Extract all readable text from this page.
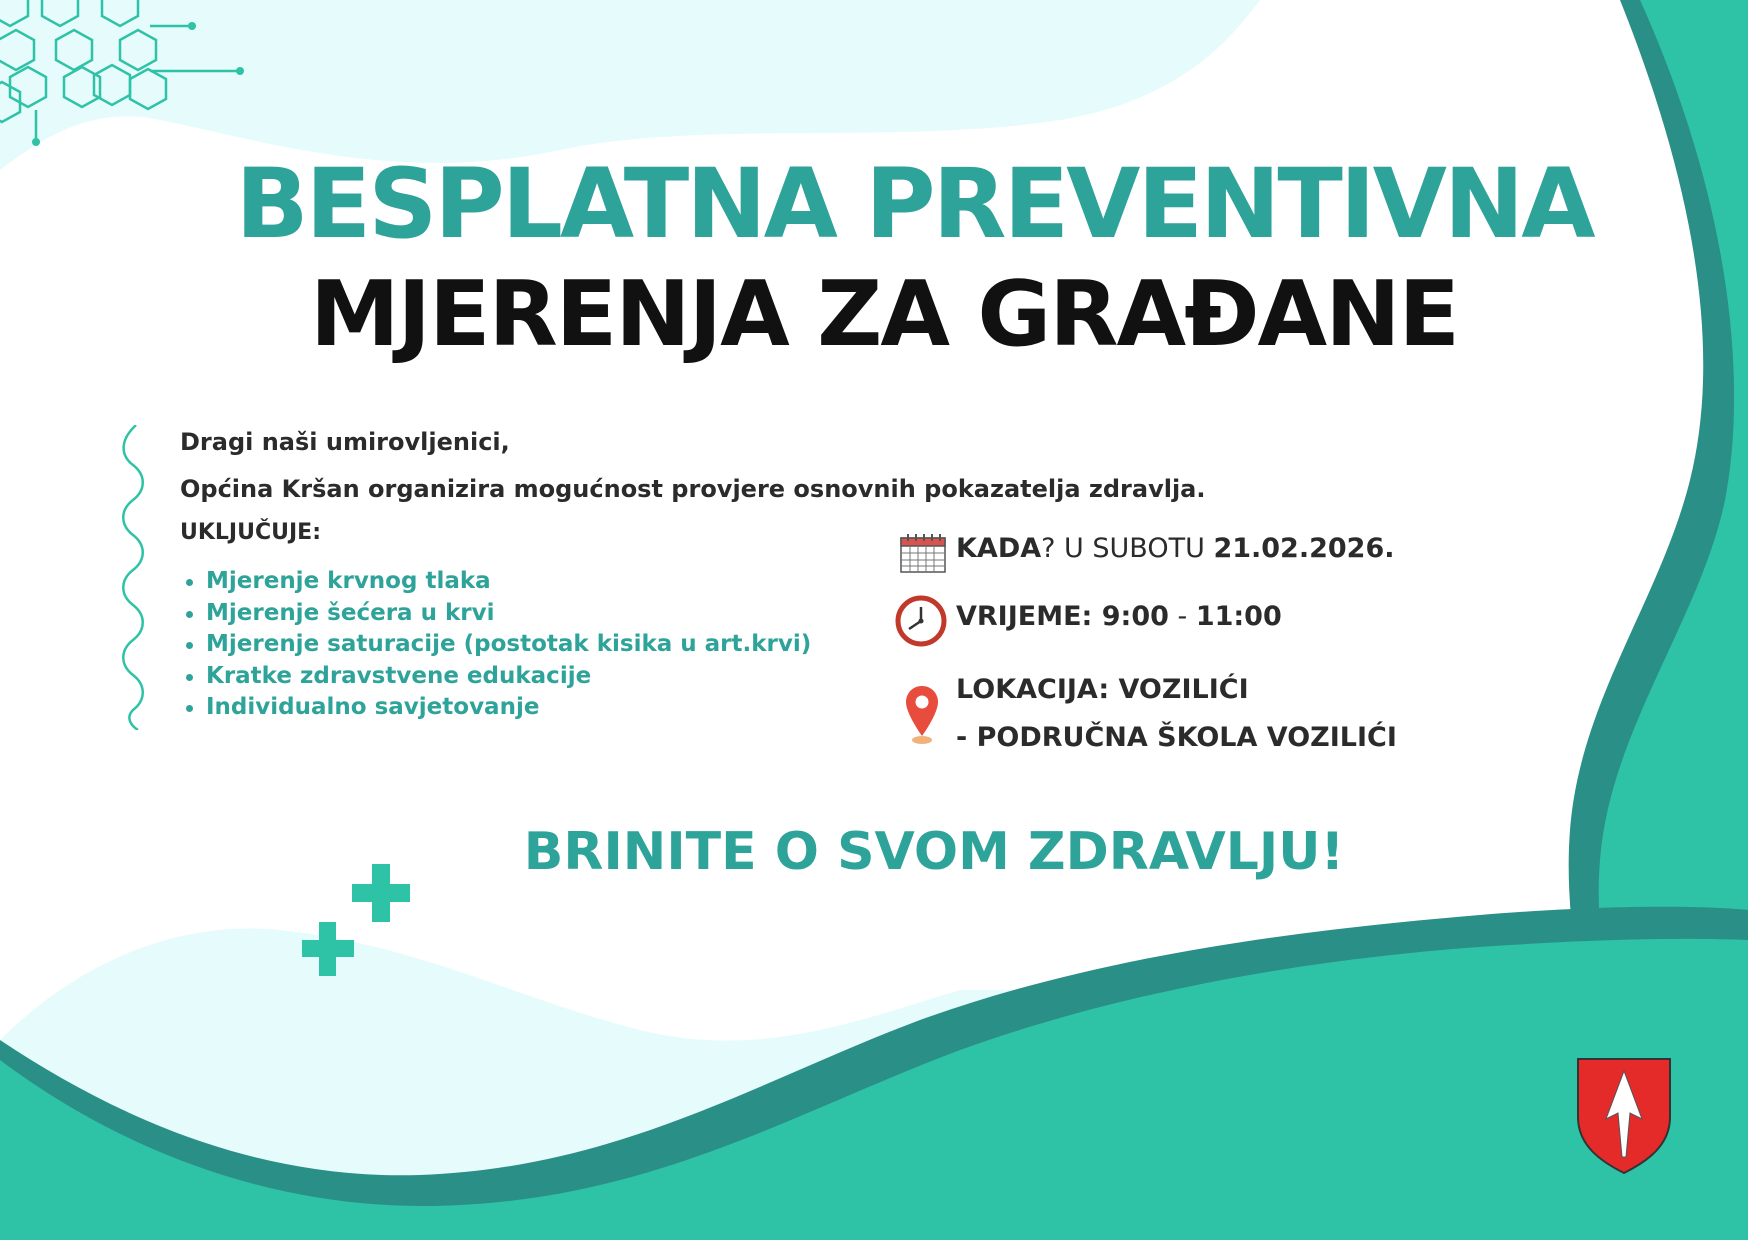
BESPLATNA PREVENTIVNA
MJERENJA ZA GRAĐANE
Dragi naši umirovljenici,
Općina Kršan organizira mogućnost provjere osnovnih pokazatelja zdravlja.
UKLJUČUJE:
Mjerenje krvnog tlaka
Mjerenje šećera u krvi
Mjerenje saturacije (postotak kisika u art.krvi)
Kratke zdravstvene edukacije
Individualno savjetovanje
KADA? U SUBOTU 21.02.2026.
VRIJEME: 9:00 - 11:00
LOKACIJA: VOZILIĆI
- PODRUČNA ŠKOLA VOZILIĆI
BRINITE O SVOM ZDRAVLJU!
